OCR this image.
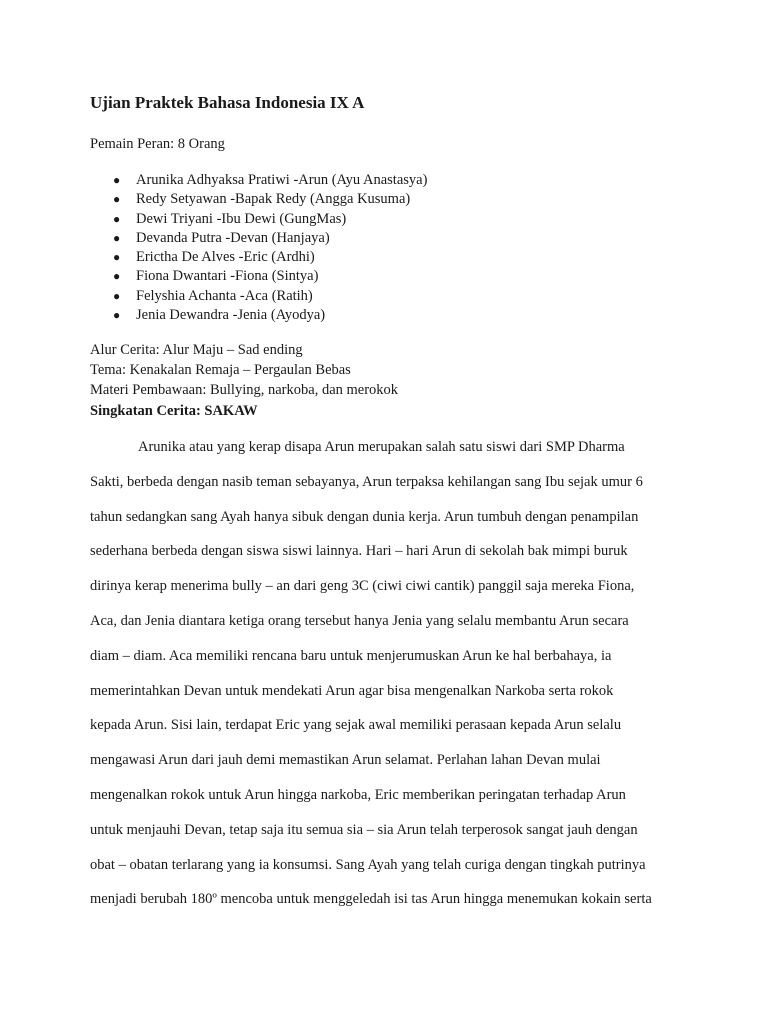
Ujian Praktek Bahasa Indonesia IX A
Pemain Peran: 8 Orang
● Arunika Adhyaksa Pratiwi -Arun (Ayu Anastasya)
● Redy Setyawan -Bapak Redy (Angga Kusuma)
● Dewi Triyani -Ibu Dewi (GungMas)
● Devanda Putra -Devan (Hanjaya)
● Erictha De Alves -Eric (Ardhi)
● Fiona Dwantari -Fiona (Sintya)
● Felyshia Achanta -Aca (Ratih)
● Jenia Dewandra -Jenia (Ayodya)
Alur Cerita: Alur Maju – Sad ending
Tema: Kenakalan Remaja – Pergaulan Bebas
Materi Pembawaan: Bullying, narkoba, dan merokok
Singkatan Cerita: SAKAW
Arunika atau yang kerap disapa Arun merupakan salah satu siswi dari SMP Dharma
Sakti, berbeda dengan nasib teman sebayanya, Arun terpaksa kehilangan sang Ibu sejak umur 6
tahun sedangkan sang Ayah hanya sibuk dengan dunia kerja. Arun tumbuh dengan penampilan
sederhana berbeda dengan siswa siswi lainnya. Hari – hari Arun di sekolah bak mimpi buruk
dirinya kerap menerima bully – an dari geng 3C (ciwi ciwi cantik) panggil saja mereka Fiona,
Aca, dan Jenia diantara ketiga orang tersebut hanya Jenia yang selalu membantu Arun secara
diam – diam. Aca memiliki rencana baru untuk menjerumuskan Arun ke hal berbahaya, ia
memerintahkan Devan untuk mendekati Arun agar bisa mengenalkan Narkoba serta rokok
kepada Arun. Sisi lain, terdapat Eric yang sejak awal memiliki perasaan kepada Arun selalu
mengawasi Arun dari jauh demi memastikan Arun selamat. Perlahan lahan Devan mulai
mengenalkan rokok untuk Arun hingga narkoba, Eric memberikan peringatan terhadap Arun
untuk menjauhi Devan, tetap saja itu semua sia – sia Arun telah terperosok sangat jauh dengan
obat – obatan terlarang yang ia konsumsi. Sang Ayah yang telah curiga dengan tingkah putrinya
menjadi berubah 180º mencoba untuk menggeledah isi tas Arun hingga menemukan kokain serta
